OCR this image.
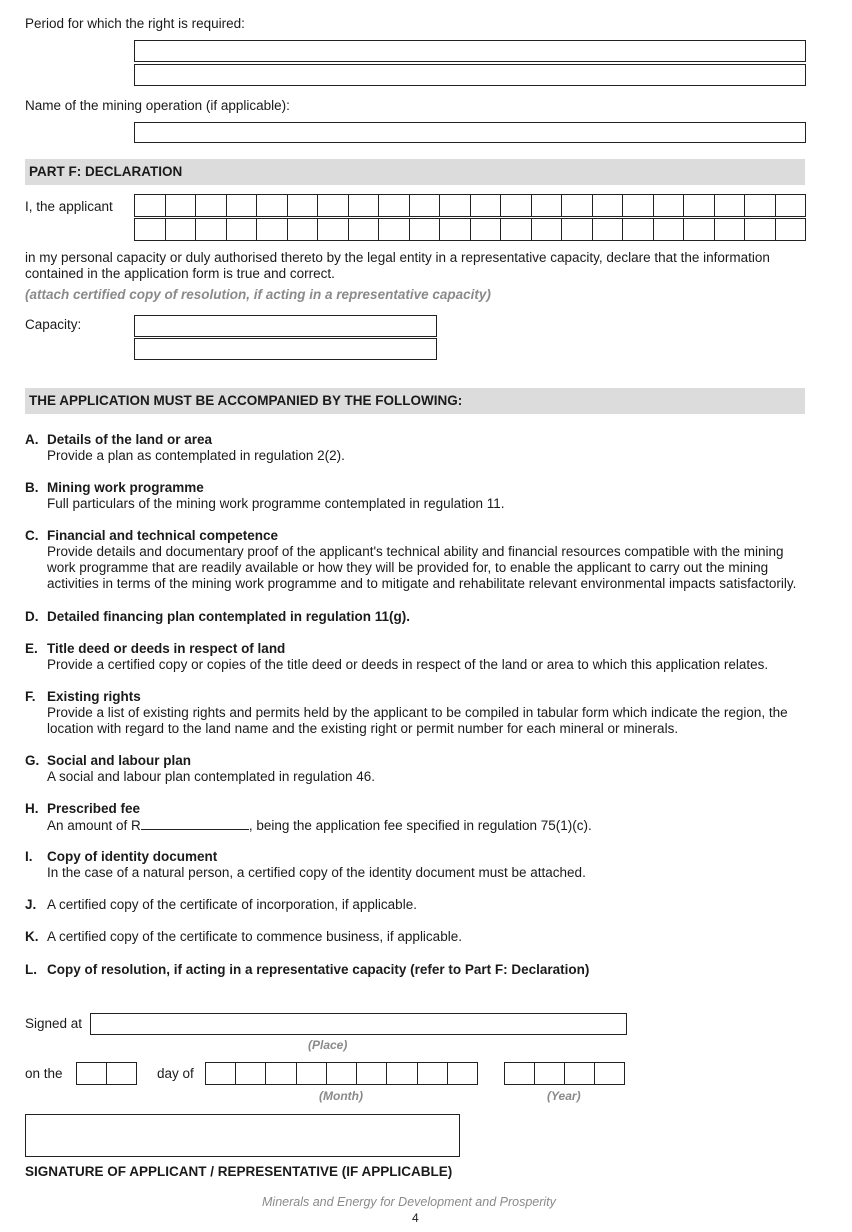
Period for which the right is required:
Name of the mining operation (if applicable):
PART F: DECLARATION
I, the applicant
in my personal capacity or duly authorised thereto by the legal entity in a representative capacity, declare that the information contained in the application form is true and correct.
(attach certified copy of resolution, if acting in a representative capacity)
Capacity:
THE APPLICATION MUST BE ACCOMPANIED BY THE FOLLOWING:
A. Details of the land or area
Provide a plan as contemplated in regulation 2(2).
B. Mining work programme
Full particulars of the mining work programme contemplated in regulation 11.
C. Financial and technical competence
Provide details and documentary proof of the applicant's technical ability and financial resources compatible with the mining work programme that are readily available or how they will be provided for, to enable the applicant to carry out the mining activities in terms of the mining work programme and to mitigate and rehabilitate relevant environmental impacts satisfactorily.
D. Detailed financing plan contemplated in regulation 11(g).
E. Title deed or deeds in respect of land
Provide a certified copy or copies of the title deed or deeds in respect of the land or area to which this application relates.
F. Existing rights
Provide a list of existing rights and permits held by the applicant to be compiled in tabular form which indicate the region, the location with regard to the land name and the existing right or permit number for each mineral or minerals.
G. Social and labour plan
A social and labour plan contemplated in regulation 46.
H. Prescribed fee
An amount of R	, being the application fee specified in regulation 75(1)(c).
I. Copy of identity document
In the case of a natural person, a certified copy of the identity document must be attached.
J. A certified copy of the certificate of incorporation, if applicable.
K. A certified copy of the certificate to commence business, if applicable.
L. Copy of resolution, if acting in a representative capacity (refer to Part F: Declaration)
Signed at
(Place)
on the	day of
(Month)	(Year)
SIGNATURE OF APPLICANT / REPRESENTATIVE (IF APPLICABLE)
Minerals and Energy for Development and Prosperity
4
